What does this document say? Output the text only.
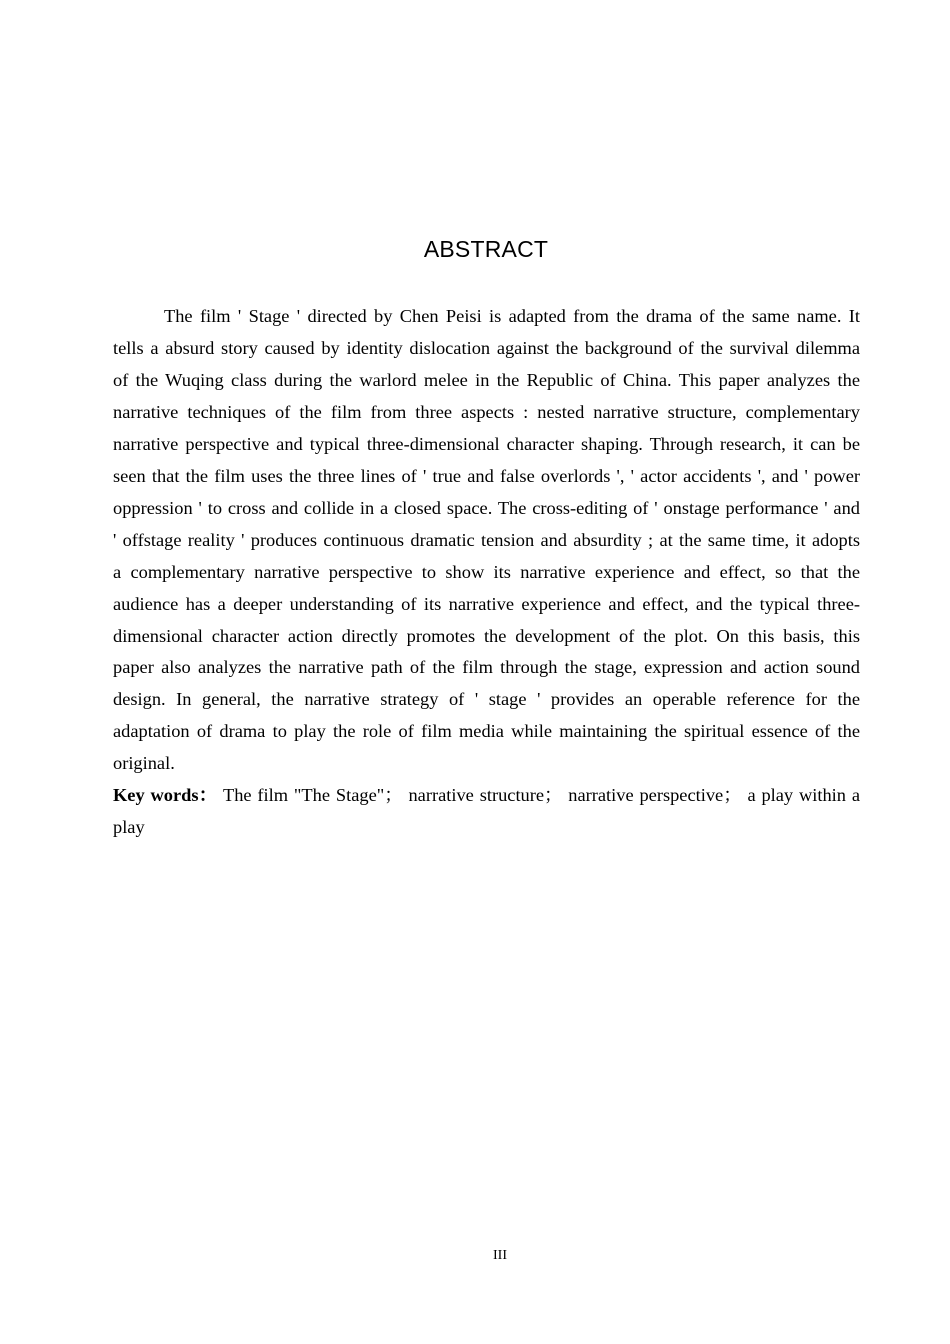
ABSTRACT

The film ' Stage ' directed by Chen Peisi is adapted from the drama of the same name. It tells a absurd story caused by identity dislocation against the background of the survival dilemma of the Wuqing class during the warlord melee in the Republic of China. This paper analyzes the narrative techniques of the film from three aspects : nested narrative structure, complementary narrative perspective and typical three-dimensional character shaping. Through research, it can be seen that the film uses the three lines of ' true and false overlords ', ' actor accidents ', and ' power oppression ' to cross and collide in a closed space. The cross-editing of ' onstage performance ' and ' offstage reality ' produces continuous dramatic tension and absurdity ; at the same time, it adopts a complementary narrative perspective to show its narrative experience and effect, so that the audience has a deeper understanding of its narrative experience and effect, and the typical three-dimensional character action directly promotes the development of the plot. On this basis, this paper also analyzes the narrative path of the film through the stage, expression and action sound design. In general, the narrative strategy of ' stage ' provides an operable reference for the adaptation of drama to play the role of film media while maintaining the spiritual essence of the original.

Key words： The film "The Stage"； narrative structure； narrative perspective； a play within a play

III
